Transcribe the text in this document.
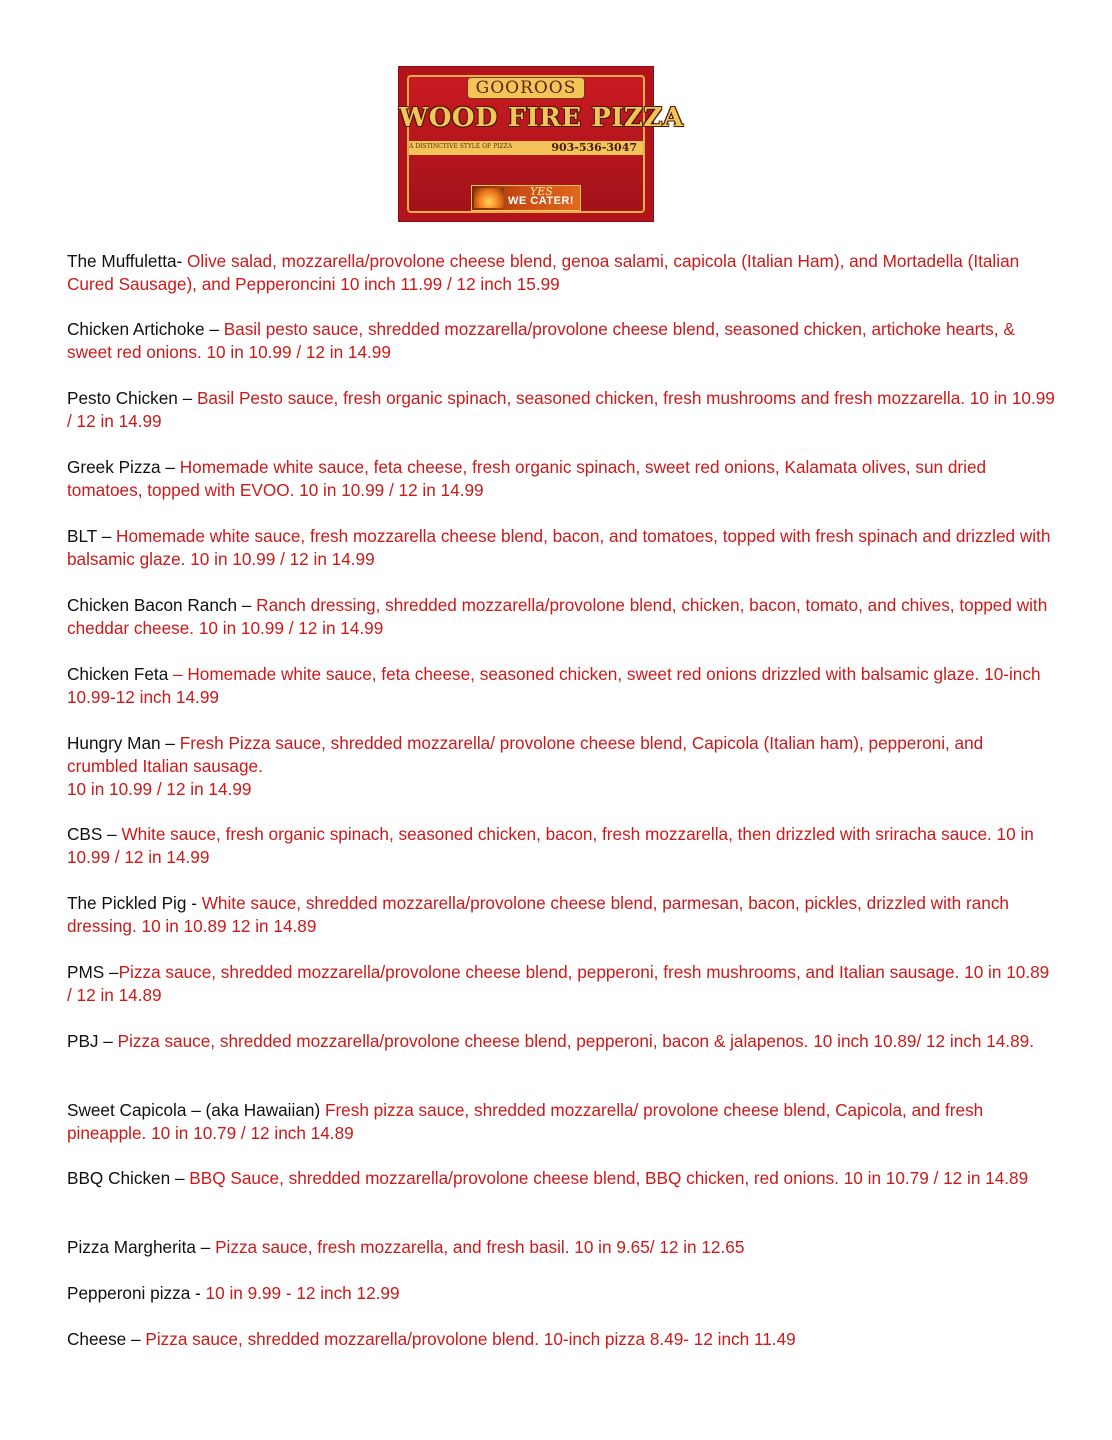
GOOROOS
WOOD FIRE PIZZA
A DISTINCTIVE STYLE OF PIZZA	903-536-3047
YES
WE CATER!
The Muffuletta- Olive salad, mozzarella/provolone cheese blend, genoa salami, capicola (Italian Ham), and Mortadella (Italian Cured Sausage), and Pepperoncini 10 inch 11.99 / 12 inch 15.99
Chicken Artichoke – Basil pesto sauce, shredded mozzarella/provolone cheese blend, seasoned chicken, artichoke hearts, & sweet red onions. 10 in 10.99 / 12 in 14.99
Pesto Chicken – Basil Pesto sauce, fresh organic spinach, seasoned chicken, fresh mushrooms and fresh mozzarella. 10 in 10.99 / 12 in 14.99
Greek Pizza – Homemade white sauce, feta cheese, fresh organic spinach, sweet red onions, Kalamata olives, sun dried tomatoes, topped with EVOO. 10 in 10.99 / 12 in 14.99
BLT – Homemade white sauce, fresh mozzarella cheese blend, bacon, and tomatoes, topped with fresh spinach and drizzled with balsamic glaze. 10 in 10.99 / 12 in 14.99
Chicken Bacon Ranch – Ranch dressing, shredded mozzarella/provolone blend, chicken, bacon, tomato, and chives, topped with cheddar cheese. 10 in 10.99 / 12 in 14.99
Chicken Feta – Homemade white sauce, feta cheese, seasoned chicken, sweet red onions drizzled with balsamic glaze. 10-inch 10.99-12 inch 14.99
Hungry Man – Fresh Pizza sauce, shredded mozzarella/ provolone cheese blend, Capicola (Italian ham), pepperoni, and crumbled Italian sausage.
10 in 10.99 / 12 in 14.99
CBS – White sauce, fresh organic spinach, seasoned chicken, bacon, fresh mozzarella, then drizzled with sriracha sauce. 10 in 10.99 / 12 in 14.99
The Pickled Pig - White sauce, shredded mozzarella/provolone cheese blend, parmesan, bacon, pickles, drizzled with ranch dressing. 10 in 10.89 12 in 14.89
PMS –Pizza sauce, shredded mozzarella/provolone cheese blend, pepperoni, fresh mushrooms, and Italian sausage. 10 in 10.89 / 12 in 14.89
PBJ – Pizza sauce, shredded mozzarella/provolone cheese blend, pepperoni, bacon & jalapenos. 10 inch 10.89/ 12 inch 14.89.
Sweet Capicola – (aka Hawaiian) Fresh pizza sauce, shredded mozzarella/ provolone cheese blend, Capicola, and fresh pineapple. 10 in 10.79 / 12 inch 14.89
BBQ Chicken – BBQ Sauce, shredded mozzarella/provolone cheese blend, BBQ chicken, red onions. 10 in 10.79 / 12 in 14.89
Pizza Margherita – Pizza sauce, fresh mozzarella, and fresh basil. 10 in 9.65/ 12 in 12.65
Pepperoni pizza - 10 in 9.99 - 12 inch 12.99
Cheese – Pizza sauce, shredded mozzarella/provolone blend. 10-inch pizza 8.49- 12 inch 11.49
